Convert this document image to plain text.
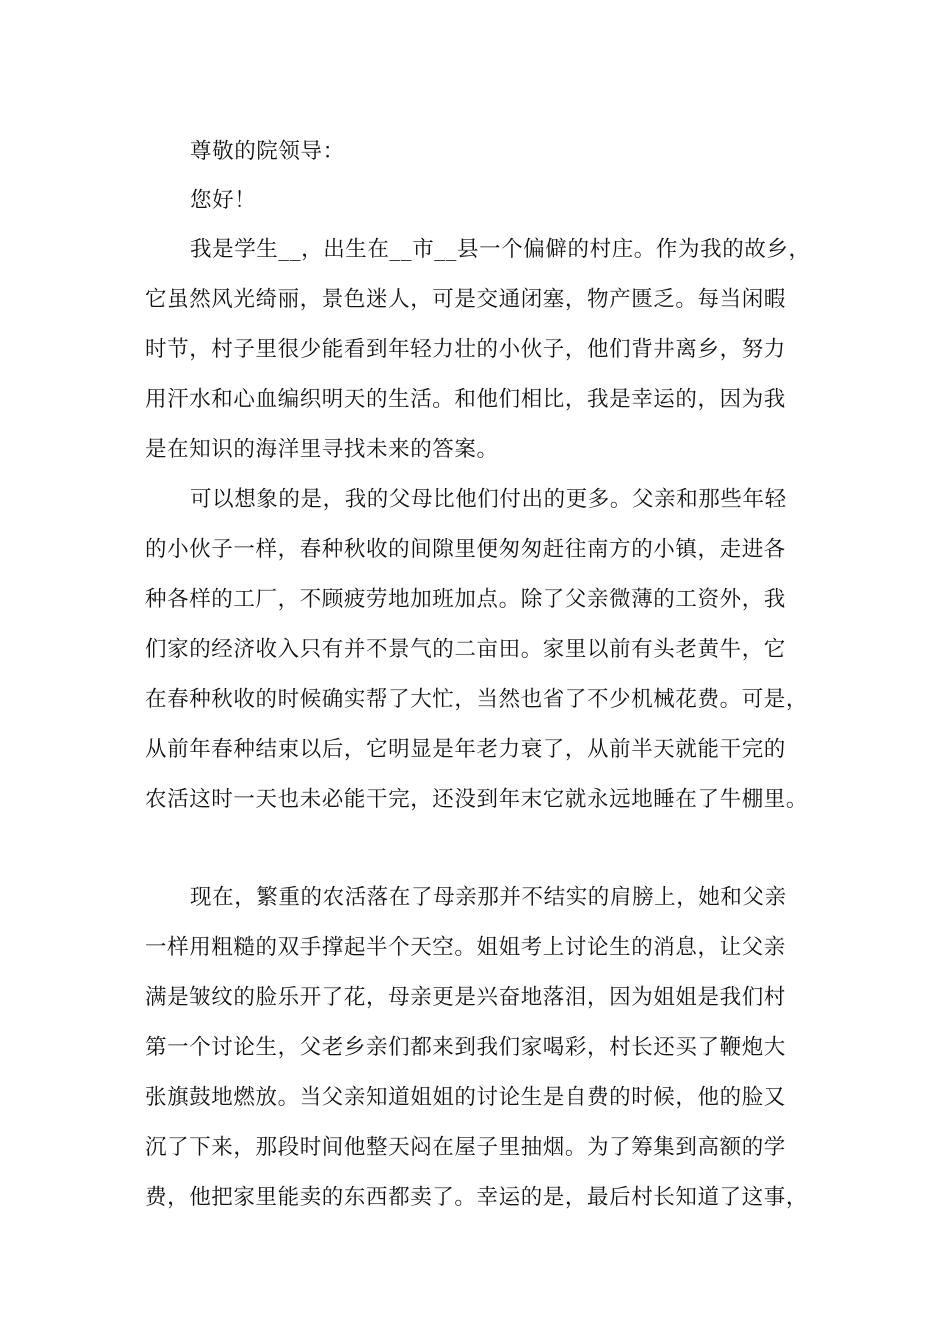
尊敬的院领导：
您好！
我是学生__，出生在__市__县一个偏僻的村庄。作为我的故乡，
它虽然风光绮丽，景色迷人，可是交通闭塞，物产匮乏。每当闲暇
时节，村子里很少能看到年轻力壮的小伙子，他们背井离乡，努力
用汗水和心血编织明天的生活。和他们相比，我是幸运的，因为我
是在知识的海洋里寻找未来的答案。
可以想象的是，我的父母比他们付出的更多。父亲和那些年轻
的小伙子一样，春种秋收的间隙里便匆匆赶往南方的小镇，走进各
种各样的工厂，不顾疲劳地加班加点。除了父亲微薄的工资外，我
们家的经济收入只有并不景气的二亩田。家里以前有头老黄牛，它
在春种秋收的时候确实帮了大忙，当然也省了不少机械花费。可是，
从前年春种结束以后，它明显是年老力衰了，从前半天就能干完的
农活这时一天也未必能干完，还没到年末它就永远地睡在了牛棚里。
现在，繁重的农活落在了母亲那并不结实的肩膀上，她和父亲
一样用粗糙的双手撑起半个天空。姐姐考上讨论生的消息，让父亲
满是皱纹的脸乐开了花，母亲更是兴奋地落泪，因为姐姐是我们村
第一个讨论生，父老乡亲们都来到我们家喝彩，村长还买了鞭炮大
张旗鼓地燃放。当父亲知道姐姐的讨论生是自费的时候，他的脸又
沉了下来，那段时间他整天闷在屋子里抽烟。为了筹集到高额的学
费，他把家里能卖的东西都卖了。幸运的是，最后村长知道了这事，
